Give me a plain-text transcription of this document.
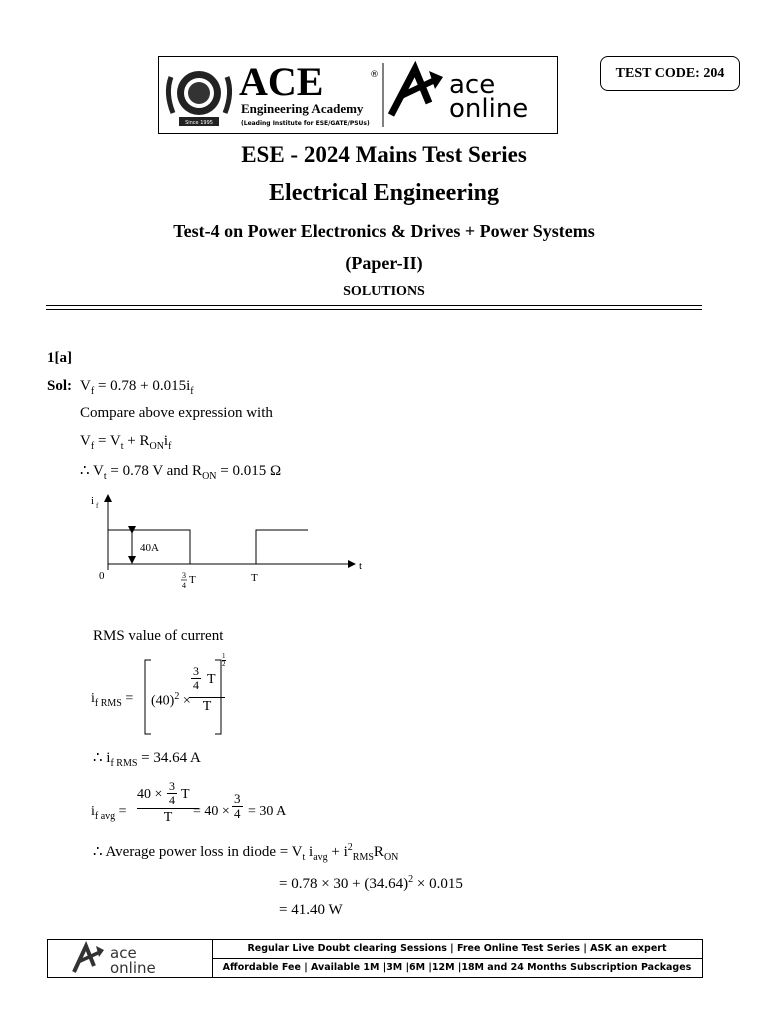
Since 1995
ACE	®
Engineering Academy
(Leading Institute for ESE/GATE/PSUs)
ace
online
TEST CODE: 204
ESE - 2024 Mains Test Series
Electrical Engineering
Test-4 on Power Electronics & Drives + Power Systems
(Paper-II)
SOLUTIONS
1[a]
Sol: $V_f = 0.78 + 0.015i_f$
Compare above expression with
$V_f = V_t + R_{ON}i_f$
∴ $V_t = 0.78$ V and $R_{ON} = 0.015$ Ω
i f
t
0
40A
3
4 T	T
RMS value of current
$i_{f RMS} = (40)^2$ ×
$\frac{3}{4}$ T
T
$\frac{1}{2}$
∴ $i_{f RMS} = 34.64$ A
$i_{f avg}$ =
$40 \times \frac{3}{4}$ T
T	= $40 \times \frac{3}{4} = 30$ A
∴ Average power loss in diode = $V_t$ $i_{avg} + i^2_{RMS}R_{ON}$
= $0.78 \times 30 + (34.64)^2 \times 0.015$
= 41.40 W
ace
online
Regular Live Doubt clearing Sessions | Free Online Test Series | ASK an expert
Affordable Fee | Available 1M |3M |6M |12M |18M and 24 Months Subscription Packages
